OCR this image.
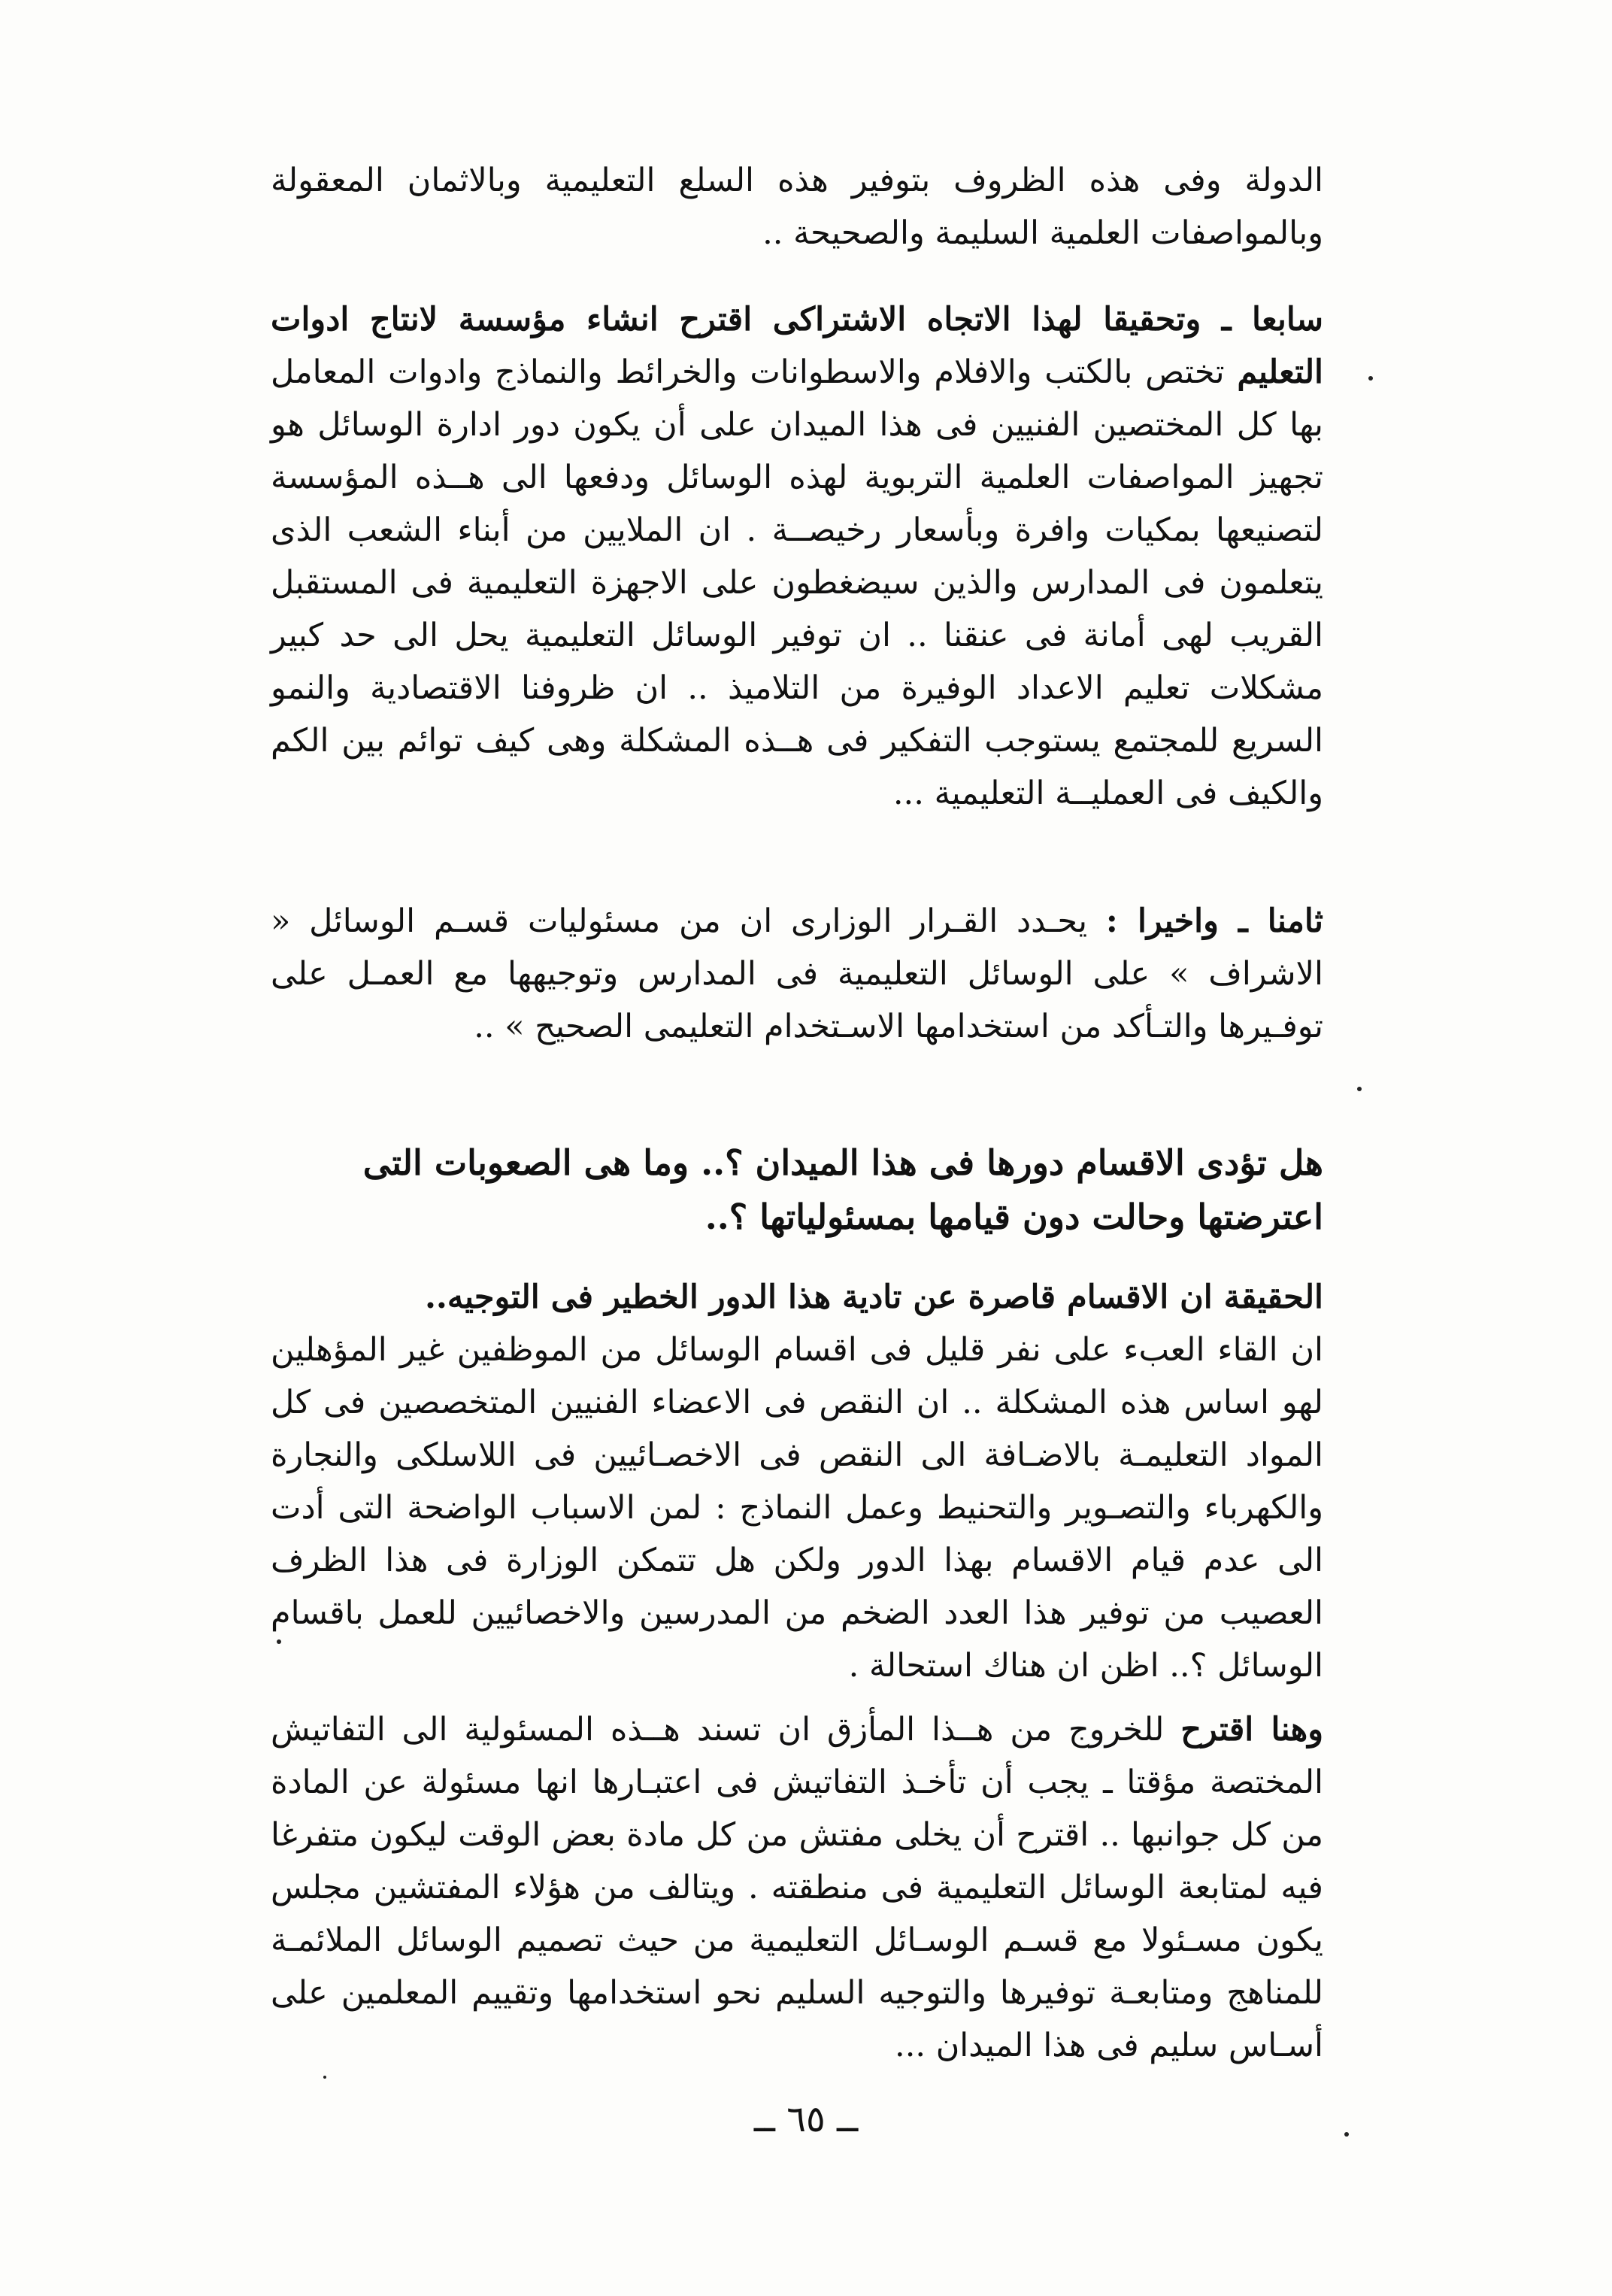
الدولة وفى هذه الظروف بتوفير هذه السلع التعليمية وبالاثمان المعقولة وبالمواصفات العلمية السليمة والصحيحة ..

سابعا ـ وتحقيقا لهذا الاتجاه الاشتراكى اقترح انشاء مؤسسة لانتاج ادوات التعليم تختص بالكتب والافلام والاسطوانات والخرائط والنماذج وادوات المعامل بها كل المختصين الفنيين فى هذا الميدان على أن يكون دور ادارة الوسائل هو تجهيز المواصفات العلمية التربوية لهذه الوسائل ودفعها الى هــذه المؤسسة لتصنيعها بمكيات وافرة وبأسعار رخيصــة . ان الملايين من أبناء الشعب الذى يتعلمون فى المدارس والذين سيضغطون على الاجهزة التعليمية فى المستقبل القريب لهى أمانة فى عنقنا .. ان توفير الوسائل التعليمية يحل الى حد كبير مشكلات تعليم الاعداد الوفيرة من التلاميذ .. ان ظروفنا الاقتصادية والنمو السريع للمجتمع يستوجب التفكير فى هــذه المشكلة وهى كيف توائم بين الكم والكيف فى العمليــة التعليمية ...

ثامنا ـ واخيرا : يحـدد القـرار الوزارى ان من مسئوليات قسـم الوسائل « الاشراف » على الوسائل التعليمية فى المدارس وتوجيهها مع العمـل على توفـيرها والتـأكد من استخدامها الاسـتخدام التعليمى الصحيح » ..

هل تؤدى الاقسام دورها فى هذا الميدان ؟.. وما هى الصعوبات التى اعترضتها وحالت دون قيامها بمسئولياتها ؟..

الحقيقة ان الاقسام قاصرة عن تادية هذا الدور الخطير فى التوجيه..

ان القاء العبء على نفر قليل فى اقسام الوسائل من الموظفين غير المؤهلين لهو اساس هذه المشكلة .. ان النقص فى الاعضاء الفنيين المتخصصين فى كل المواد التعليمـة بالاضـافة الى النقص فى الاخصـائيين فى اللاسلكى والنجارة والكهرباء والتصـوير والتحنيط وعمل النماذج : لمن الاسباب الواضحة التى أدت الى عدم قيام الاقسام بهذا الدور ولكن هل تتمكن الوزارة فى هذا الظرف العصيب من توفير هذا العدد الضخم من المدرسين والاخصائيين للعمل باقسام الوسائل ؟.. اظن ان هناك استحالة .

وهنا اقترح للخروج من هــذا المأزق ان تسند هــذه المسئولية الى التفاتيش المختصة مؤقتا ـ يجب أن تأخـذ التفاتيش فى اعتبـارها انها مسئولة عن المادة من كل جوانبها .. اقترح أن يخلى مفتش من كل مادة بعض الوقت ليكون متفرغا فيه لمتابعة الوسائل التعليمية فى منطقته . ويتالف من هؤلاء المفتشين مجلس يكون مسـئولا مع قسـم الوسـائل التعليمية من حيث تصميم الوسائل الملائمـة للمناهج ومتابعـة توفيرها والتوجيه السليم نحو استخدامها وتقييم المعلمين على أسـاس سليم فى هذا الميدان ...

ــ ٦٥ ــ
